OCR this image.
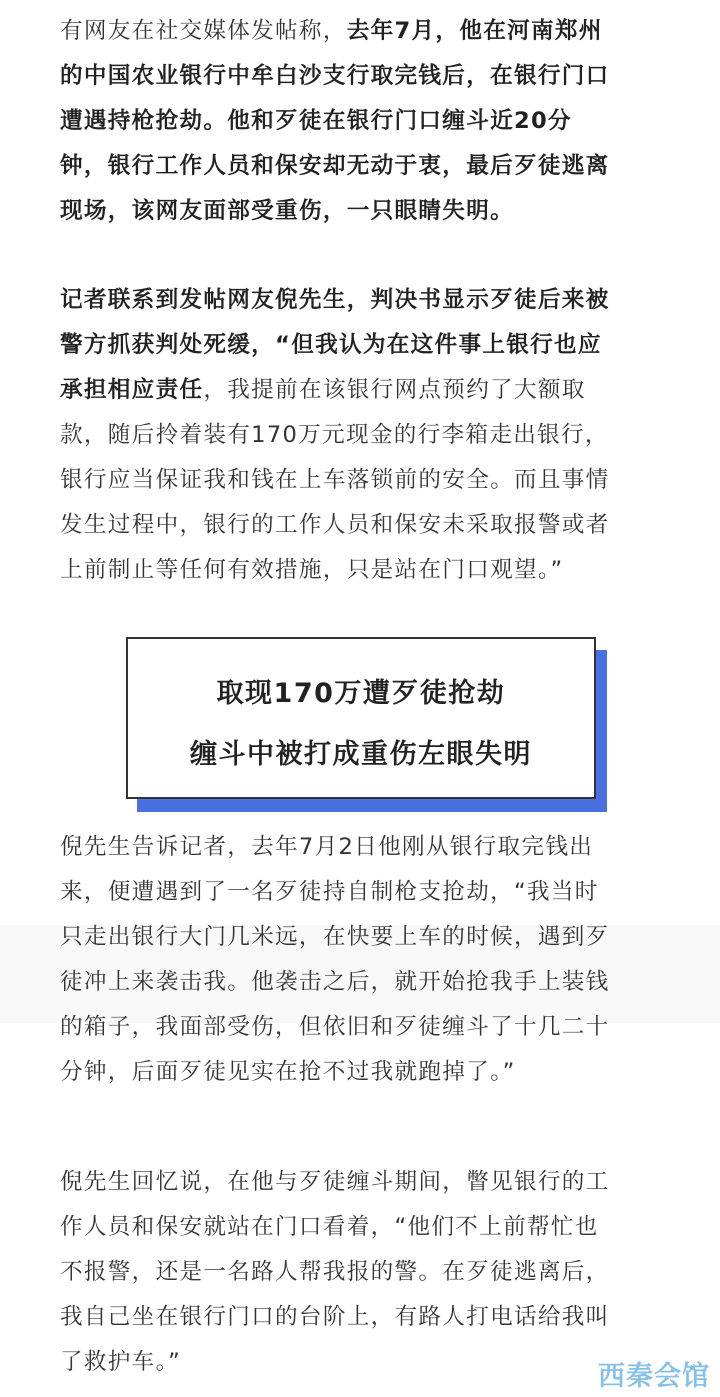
有网友在社交媒体发帖称，去年7月，他在河南郑州
的中国农业银行中牟白沙支行取完钱后，在银行门口
遭遇持枪抢劫。他和歹徒在银行门口缠斗近20分
钟，银行工作人员和保安却无动于衷，最后歹徒逃离
现场，该网友面部受重伤，一只眼睛失明。
记者联系到发帖网友倪先生，判决书显示歹徒后来被
警方抓获判处死缓，“但我认为在这件事上银行也应
承担相应责任，我提前在该银行网点预约了大额取
款，随后拎着装有170万元现金的行李箱走出银行，
银行应当保证我和钱在上车落锁前的安全。而且事情
发生过程中，银行的工作人员和保安未采取报警或者
上前制止等任何有效措施，只是站在门口观望。”
取现170万遭歹徒抢劫
缠斗中被打成重伤左眼失明
倪先生告诉记者，去年7月2日他刚从银行取完钱出
来，便遭遇到了一名歹徒持自制枪支抢劫，“我当时
只走出银行大门几米远，在快要上车的时候，遇到歹
徒冲上来袭击我。他袭击之后，就开始抢我手上装钱
的箱子，我面部受伤，但依旧和歹徒缠斗了十几二十
分钟，后面歹徒见实在抢不过我就跑掉了。”
倪先生回忆说，在他与歹徒缠斗期间，瞥见银行的工
作人员和保安就站在门口看着，“他们不上前帮忙也
不报警，还是一名路人帮我报的警。在歹徒逃离后，
我自己坐在银行门口的台阶上，有路人打电话给我叫
了救护车。”	西秦会馆
